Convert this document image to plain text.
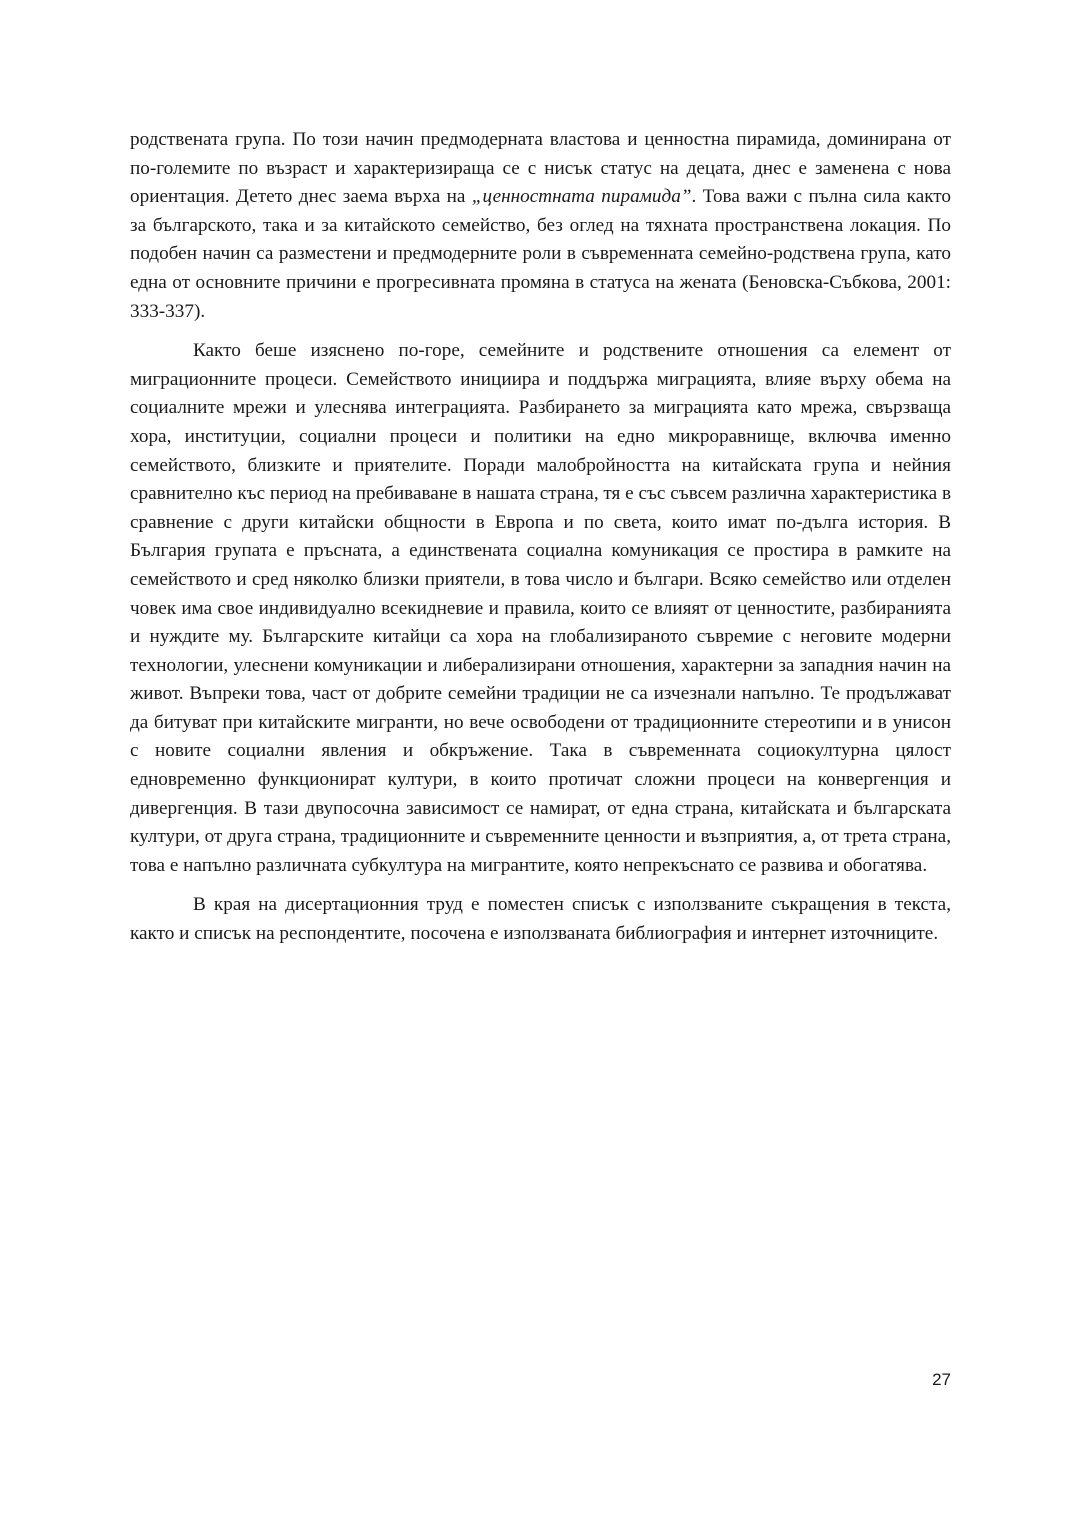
родствената група. По този начин предмодерната властова и ценностна пирамида, доминирана от по-големите по възраст и характеризираща се с нисък статус на децата, днес е заменена с нова ориентация. Детето днес заема върха на „ценностната пирамида”. Това важи с пълна сила както за българското, така и за китайското семейство, без оглед на тяхната пространствена локация. По подобен начин са разместени и предмодерните роли в съвременната семейно-родствена група, като една от основните причини е прогресивната промяна в статуса на жената (Беновска-Събкова, 2001: 333-337).

Както беше изяснено по-горе, семейните и родствените отношения са елемент от миграционните процеси. Семейството инициира и поддържа миграцията, влияе върху обема на социалните мрежи и улеснява интеграцията. Разбирането за миграцията като мрежа, свързваща хора, институции, социални процеси и политики на едно микроравнище, включва именно семейството, близките и приятелите. Поради малобройността на китайската група и нейния сравнително къс период на пребиваване в нашата страна, тя е със съвсем различна характеристика в сравнение с други китайски общности в Европа и по света, които имат по-дълга история. В България групата е пръсната, а единствената социална комуникация се простира в рамките на семейството и сред няколко близки приятели, в това число и българи. Всяко семейство или отделен човек има свое индивидуално всекидневие и правила, които се влияят от ценностите, разбиранията и нуждите му. Българските китайци са хора на глобализираното съвремие с неговите модерни технологии, улеснени комуникации и либерализирани отношения, характерни за западния начин на живот. Въпреки това, част от добрите семейни традиции не са изчезнали напълно. Те продължават да битуват при китайските мигранти, но вече освободени от традиционните стереотипи и в унисон с новите социални явления и обкръжение. Така в съвременната социокултурна цялост едновременно функционират култури, в които протичат сложни процеси на конвергенция и дивергенция. В тази двупосочна зависимост се намират, от една страна, китайската и българската култури, от друга страна, традиционните и съвременните ценности и възприятия, а, от трета страна, това е напълно различната субкултура на мигрантите, която непрекъснато се развива и обогатява.

В края на дисертационния труд е поместен списък с използваните съкращения в текста, както и списък на респондентите, посочена е използваната библиография и интернет източниците.

27
